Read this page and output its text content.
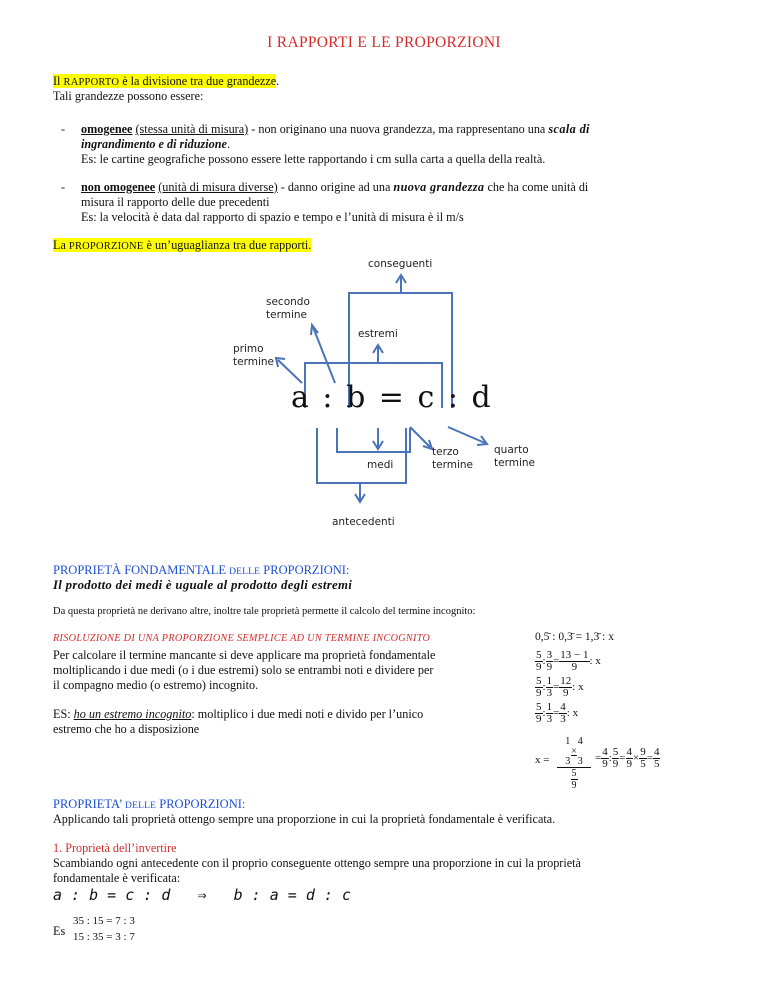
I RAPPORTI E LE PROPORZIONI
Il RAPPORTO è la divisione tra due grandezze.
Tali grandezze possono essere:
- omogenee (stessa unità di misura) - non originano una nuova grandezza, ma rappresentano una scala di
ingrandimento e di riduzione.
Es: le cartine geografiche possono essere lette rapportando i cm sulla carta a quella della realtà.
- non omogenee (unità di misura diverse) - danno origine ad una nuova grandezza che ha come unità di
misura il rapporto delle due precedenti
Es: la velocità è data dal rapporto di spazio e tempo e l’unità di misura è il m/s
La PROPORZIONE è un’uguaglianza tra due rapporti.
conseguenti
secondo
termine
estremi
primo
termine
a : b = c : d
medi
terzo
termine
quarto
termine
antecedenti
PROPRIETÀ FONDAMENTALE DELLE PROPORZIONI:
Il prodotto dei medi è uguale al prodotto degli estremi
Da questa proprietà ne derivano altre, inoltre tale proprietà permette il calcolo del termine incognito:
RISOLUZIONE DI UNA PROPORZIONE SEMPLICE AD UN TERMINE INCOGNITO
Per calcolare il termine mancante si deve applicare ma proprietà fondamentale
moltiplicando i due medi (o i due estremi) solo se entrambi noti e dividere per
il compagno medio (o estremo) incognito.
ES: ho un estremo incognito: moltiplico i due medi noti e divido per l’unico
estremo che ho a disposizione
0,5̄ : 0,3̄ = 1,3̄ : x
$\frac{5}{9}$ : $\frac{3}{9} = \frac{13 - 1}{9}$ : x
$\frac{5}{9}$ : $\frac{1}{3} = \frac{12}{9}$ : x
$\frac{5}{9}$ : $\frac{1}{3} = \frac{4}{3}$ : x
x =
1 4
×
3 3
$\frac{5}{9}$
= $\frac{4}{9}$ : $\frac{5}{9} = \frac{4}{9} \times \frac{9}{5} = \frac{4}{5}$
PROPRIETA’ DELLE PROPORZIONI:
Applicando tali proprietà ottengo sempre una proporzione in cui la proprietà fondamentale è verificata.
1. Proprietà dell’invertire
Scambiando ogni antecedente con il proprio conseguente ottengo sempre una proporzione in cui la proprietà
fondamentale è verificata:
a : b = c : d ⇒ b : a = d : c
Es
35 : 15 = 7 : 3
15 : 35 = 3 : 7
